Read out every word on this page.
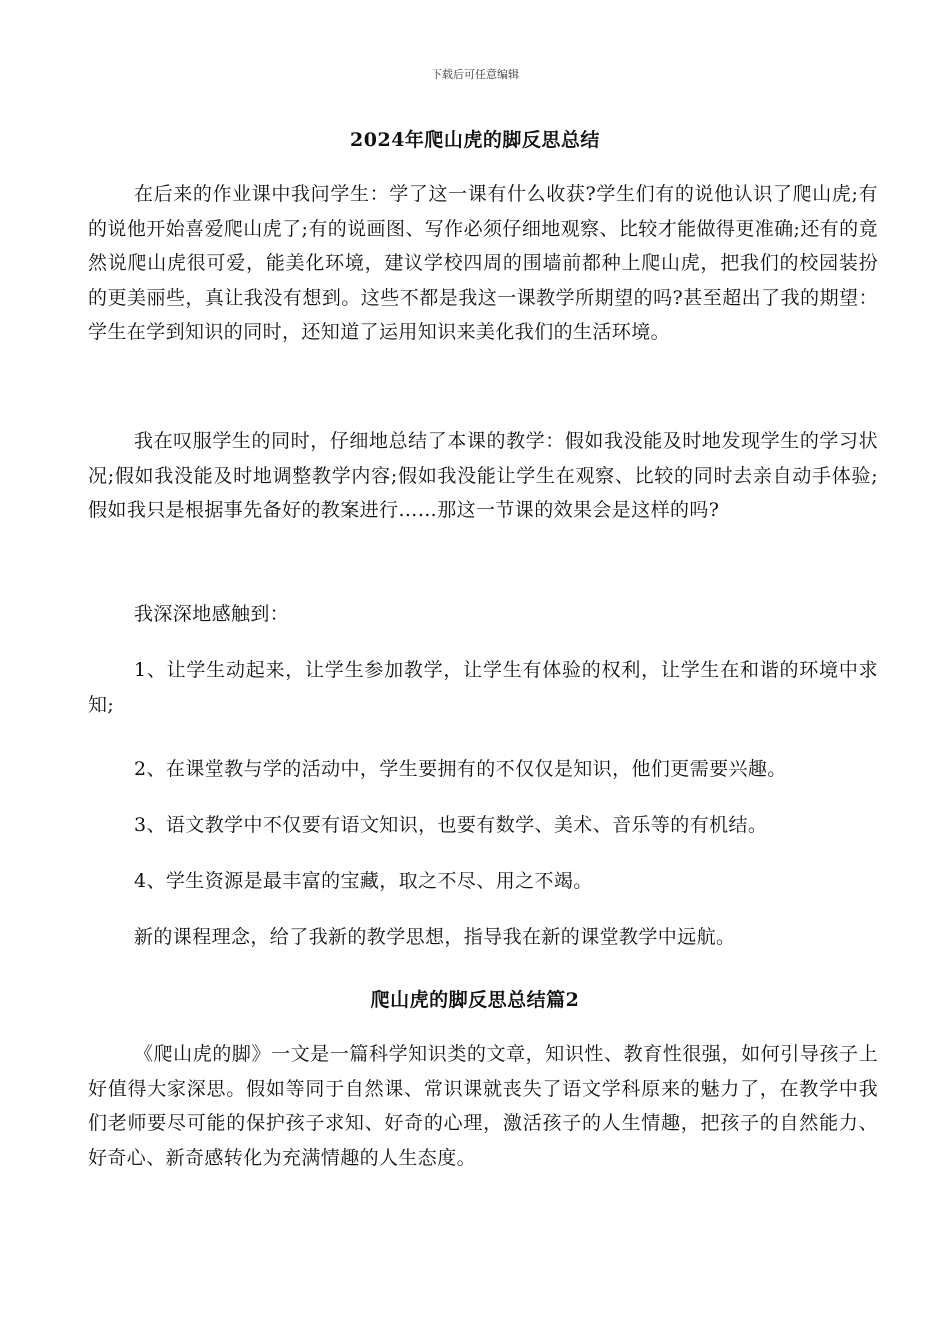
下载后可任意编辑
2024年爬山虎的脚反思总结
在后来的作业课中我问学生：学了这一课有什么收获?学生们有的说他认识了爬山虎;有的说他开始喜爱爬山虎了;有的说画图、写作必须仔细地观察、比较才能做得更准确;还有的竟然说爬山虎很可爱，能美化环境，建议学校四周的围墙前都种上爬山虎，把我们的校园装扮的更美丽些，真让我没有想到。这些不都是我这一课教学所期望的吗?甚至超出了我的期望：学生在学到知识的同时，还知道了运用知识来美化我们的生活环境。
我在叹服学生的同时，仔细地总结了本课的教学：假如我没能及时地发现学生的学习状况;假如我没能及时地调整教学内容;假如我没能让学生在观察、比较的同时去亲自动手体验;假如我只是根据事先备好的教案进行……那这一节课的效果会是这样的吗?
我深深地感触到：
1、让学生动起来，让学生参加教学，让学生有体验的权利，让学生在和谐的环境中求知;
2、在课堂教与学的活动中，学生要拥有的不仅仅是知识，他们更需要兴趣。
3、语文教学中不仅要有语文知识，也要有数学、美术、音乐等的有机结。
4、学生资源是最丰富的宝藏，取之不尽、用之不竭。
新的课程理念，给了我新的教学思想，指导我在新的课堂教学中远航。
爬山虎的脚反思总结篇2
《爬山虎的脚》一文是一篇科学知识类的文章，知识性、教育性很强，如何引导孩子上好值得大家深思。假如等同于自然课、常识课就丧失了语文学科原来的魅力了，在教学中我们老师要尽可能的保护孩子求知、好奇的心理，激活孩子的人生情趣，把孩子的自然能力、好奇心、新奇感转化为充满情趣的人生态度。
